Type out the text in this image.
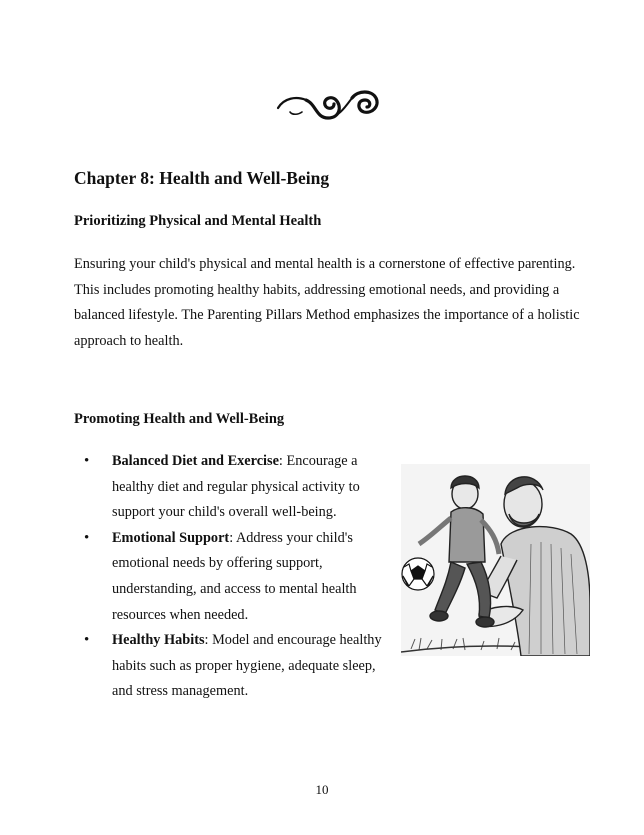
Chapter 8: Health and Well-Being
Prioritizing Physical and Mental Health

Ensuring your child's physical and mental health is a cornerstone of effective parenting. This includes promoting healthy habits, addressing emotional needs, and providing a balanced lifestyle. The Parenting Pillars Method emphasizes the importance of a holistic approach to health.

Promoting Health and Well-Being
• Balanced Diet and Exercise: Encourage a healthy diet and regular physical activity to support your child's overall well-being.
• Emotional Support: Address your child's emotional needs by offering support, understanding, and access to mental health resources when needed.
• Healthy Habits: Model and encourage healthy habits such as proper hygiene, adequate sleep, and stress management.
10
